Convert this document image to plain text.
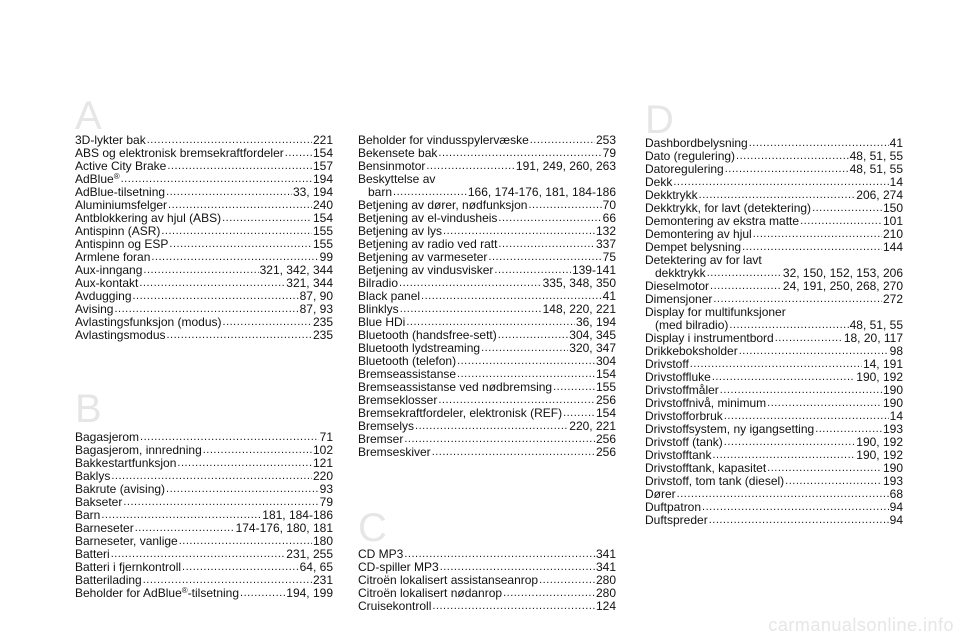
A
3D-lykter bak .....	221
ABS og elektronisk bremsekraftfordeler ..... 154
Active City Brake .....	157
AdBlue® .....	194
AdBlue-tilsetning .....	33, 194
Aluminiumsfelger .....	240
Antblokkering av hjul (ABS) .....	154
Antispinn (ASR) .....	155
Antispinn og ESP .....	155
Armlene foran .....	99
Aux-inngang .....	321, 342, 344
Aux-kontakt .....	321, 344
Avdugging .....	87, 90
Avising .....	87, 93
Avlastingsfunksjon (modus) .....	235
Avlastingsmodus .....	235
B
Bagasjerom .....	71
Bagasjerom, innredning .....	102
Bakkestartfunksjon .....	121
Baklys .....	220
Bakrute (avising) .....	93
Bakseter .....	79
Barn .....	181, 184-186
Barneseter .....	174-176, 180, 181
Barneseter, vanlige .....	180
Batteri .....	231, 255
Batteri i fjernkontroll .....	64, 65
Batterilading .....	231
Beholder for AdBlue®-tilsetning .....	194, 199
Beholder for vindusspylervæske .....	253
Bekensete bak .....	79
Bensinmotor .....	191, 249, 260, 263
Beskyttelse av
barn .....	166, 174-176, 181, 184-186
Betjening av dører, nødfunksjon .....	70
Betjening av el-vindusheis .....	66
Betjening av lys .....	132
Betjening av radio ved ratt .....	337
Betjening av varmeseter .....	75
Betjening av vindusvisker .....	139-141
Bilradio .....	335, 348, 350
Black panel .....	41
Blinklys .....	148, 220, 221
Blue HDi .....	36, 194
Bluetooth (handsfree-sett) .....	304, 345
Bluetooth lydstreaming .....	320, 347
Bluetooth (telefon) .....	304
Bremseassistanse .....	154
Bremseassistanse ved nødbremsing .....	155
Bremseklosser .....	256
Bremsekraftfordeler, elektronisk (REF) .....	154
Bremselys .....	220, 221
Bremser .....	256
Bremseskiver .....	256
C
CD MP3 .....	341
CD-spiller MP3 .....	341
Citroën lokalisert assistanseanrop .....	280
Citroën lokalisert nødanrop .....	280
Cruisekontroll .....	124
D
Dashbordbelysning .....	41
Dato (regulering) .....	48, 51, 55
Datoregulering .....	48, 51, 55
Dekk .....	14
Dekktrykk .....	206, 274
Dekktrykk, for lavt (detektering) .....	150
Demontering av ekstra matte .....	101
Demontering av hjul .....	210
Dempet belysning .....	144
Detektering av for lavt
dekktrykk .....	32, 150, 152, 153, 206
Dieselmotor .....	24, 191, 250, 268, 270
Dimensjoner .....	272
Display for multifunksjoner
(med bilradio) .....	48, 51, 55
Display i instrumentbord .....	18, 20, 117
Drikkeboksholder .....	98
Drivstoff .....	14, 191
Drivstoffluke .....	190, 192
Drivstoffmåler .....	190
Drivstoffnivå, minimum .....	190
Drivstofforbruk .....	14
Drivstoffsystem, ny igangsetting .....	193
Drivstoff (tank) .....	190, 192
Drivstofftank .....	190, 192
Drivstofftank, kapasitet .....	190
Drivstoff, tom tank (diesel) .....	193
Dører .....	68
Duftpatron .....	94
Duftspreder .....	94
carmanualsonline.info
